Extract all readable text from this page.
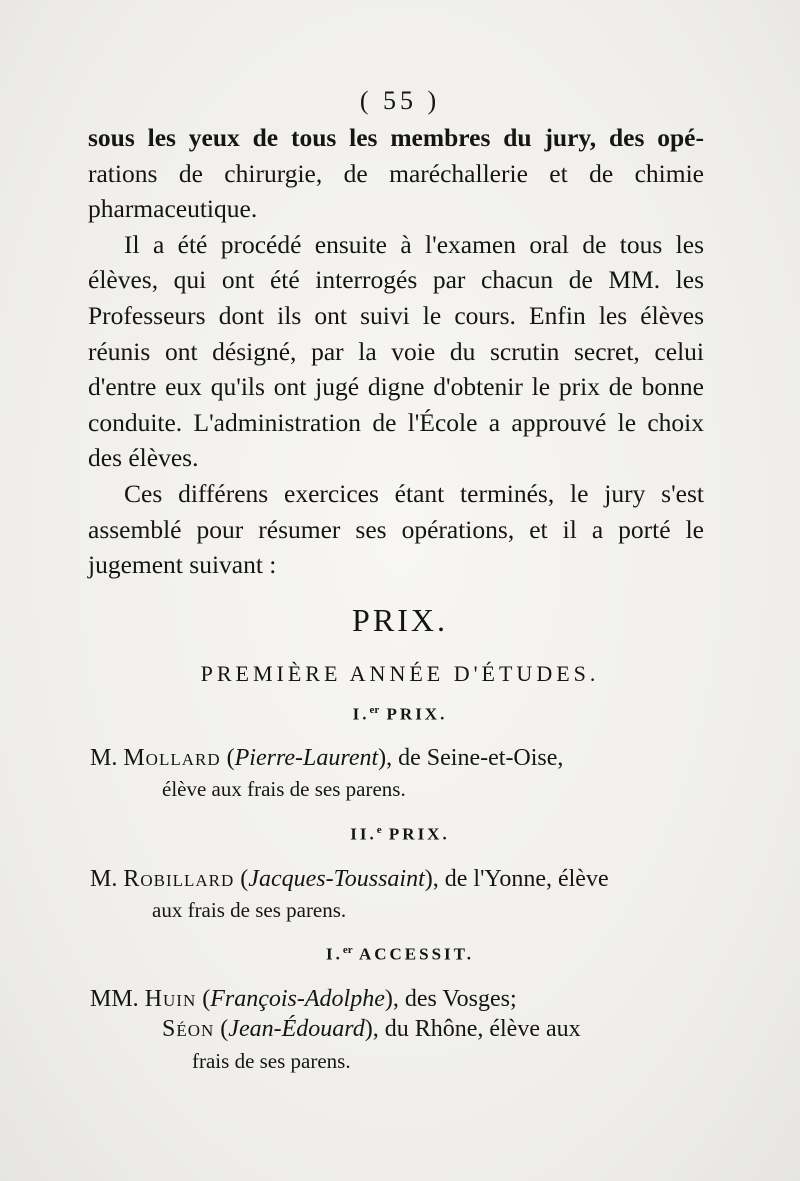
( 55 )

sous les yeux de tous les membres du jury, des opé-
rations de chirurgie, de maréchallerie et de chimie pharmaceutique.

Il a été procédé ensuite à l'examen oral de tous les élèves, qui ont été interrogés par chacun de MM. les Professeurs dont ils ont suivi le cours. Enfin les élèves réunis ont désigné, par la voie du scrutin secret, celui d'entre eux qu'ils ont jugé digne d'obtenir le prix de bonne conduite. L'administration de l'École a approuvé le choix des élèves.

Ces différens exercices étant terminés, le jury s'est assemblé pour résumer ses opérations, et il a porté le jugement suivant :

PRIX.
PREMIÈRE ANNÉE D'ÉTUDES.
I.$^{er}$ PRIX.
M. Mollard (Pierre-Laurent), de Seine-et-Oise,
élève aux frais de ses parens.
II.$^e$ PRIX.
M. Robillard (Jacques-Toussaint), de l'Yonne, élève
aux frais de ses parens.
I.$^{er}$ ACCESSIT.
MM. Huin (François-Adolphe), des Vosges;
Séon (Jean-Édouard), du Rhône, élève aux
frais de ses parens.
